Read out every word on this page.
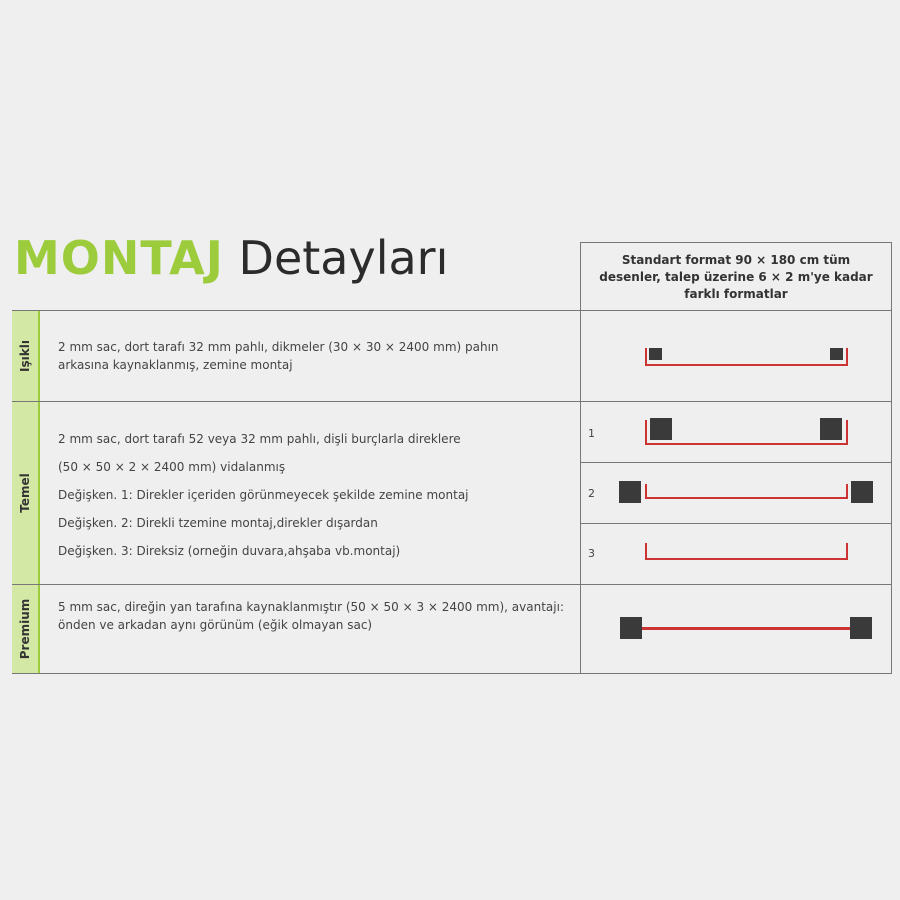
MONTAJ Detayları	Standart format 90 × 180 cm tüm desenler, talep üzerine 6 × 2 m'ye kadar farklı formatlar
Işıklı 2 mm sac, dort tarafı 32 mm pahlı, dikmeler (30 × 30 × 2400 mm) pahın
arkasına kaynaklanmış, zemine montaj
Temel
2 mm sac, dort tarafı 52 veya 32 mm pahlı, dişli burçlarla direklere
(50 × 50 × 2 × 2400 mm) vidalanmış
Değişken. 1: Direkler içeriden görünmeyecek şekilde zemine montaj
Değişken. 2: Direkli tzemine montaj,direkler dışardan
Değişken. 3: Direksiz (orneğin duvara,ahşaba vb.montaj)
1
2
3
Premium 5 mm sac, direğin yan tarafına kaynaklanmıştır (50 × 50 × 3 × 2400 mm), avantajı:
önden ve arkadan aynı görünüm (eğik olmayan sac)
